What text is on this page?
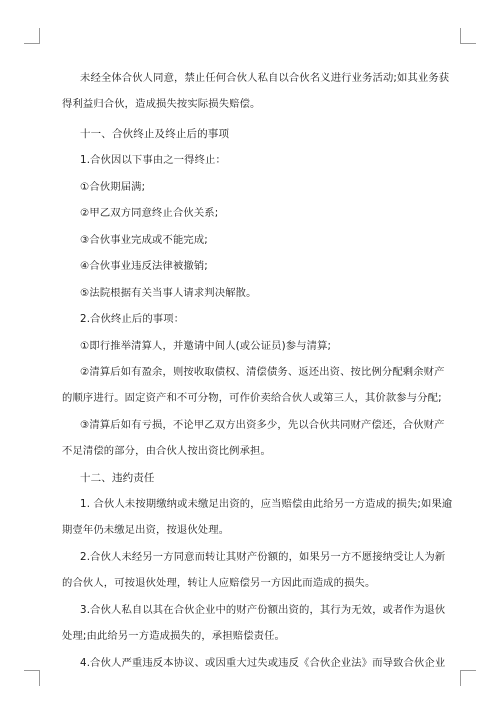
未经全体合伙人同意，禁止任何合伙人私自以合伙名义进行业务活动;如其业务获
得利益归合伙，造成损失按实际损失赔偿。
十一、合伙终止及终止后的事项
1.合伙因以下事由之一得终止：
①合伙期届满;
②甲乙双方同意终止合伙关系;
③合伙事业完成或不能完成;
④合伙事业违反法律被撤销;
⑤法院根据有关当事人请求判决解散。
2.合伙终止后的事项：
①即行推举清算人，并邀请中间人(或公证员)参与清算;
②清算后如有盈余，则按收取债权、清偿债务、返还出资、按比例分配剩余财产
的顺序进行。固定资产和不可分物，可作价卖给合伙人或第三人，其价款参与分配;
③清算后如有亏损，不论甲乙双方出资多少，先以合伙共同财产偿还，合伙财产
不足清偿的部分，由合伙人按出资比例承担。
十二、违约责任
1. 合伙人未按期缴纳或未缴足出资的，应当赔偿由此给另一方造成的损失;如果逾
期壹年仍未缴足出资，按退伙处理。
2.合伙人未经另一方同意而转让其财产份额的，如果另一方不愿接纳受让人为新
的合伙人，可按退伙处理，转让人应赔偿另一方因此而造成的损失。
3.合伙人私自以其在合伙企业中的财产份额出资的，其行为无效，或者作为退伙
处理;由此给另一方造成损失的，承担赔偿责任。
4.合伙人严重违反本协议、或因重大过失或违反《合伙企业法》而导致合伙企业
